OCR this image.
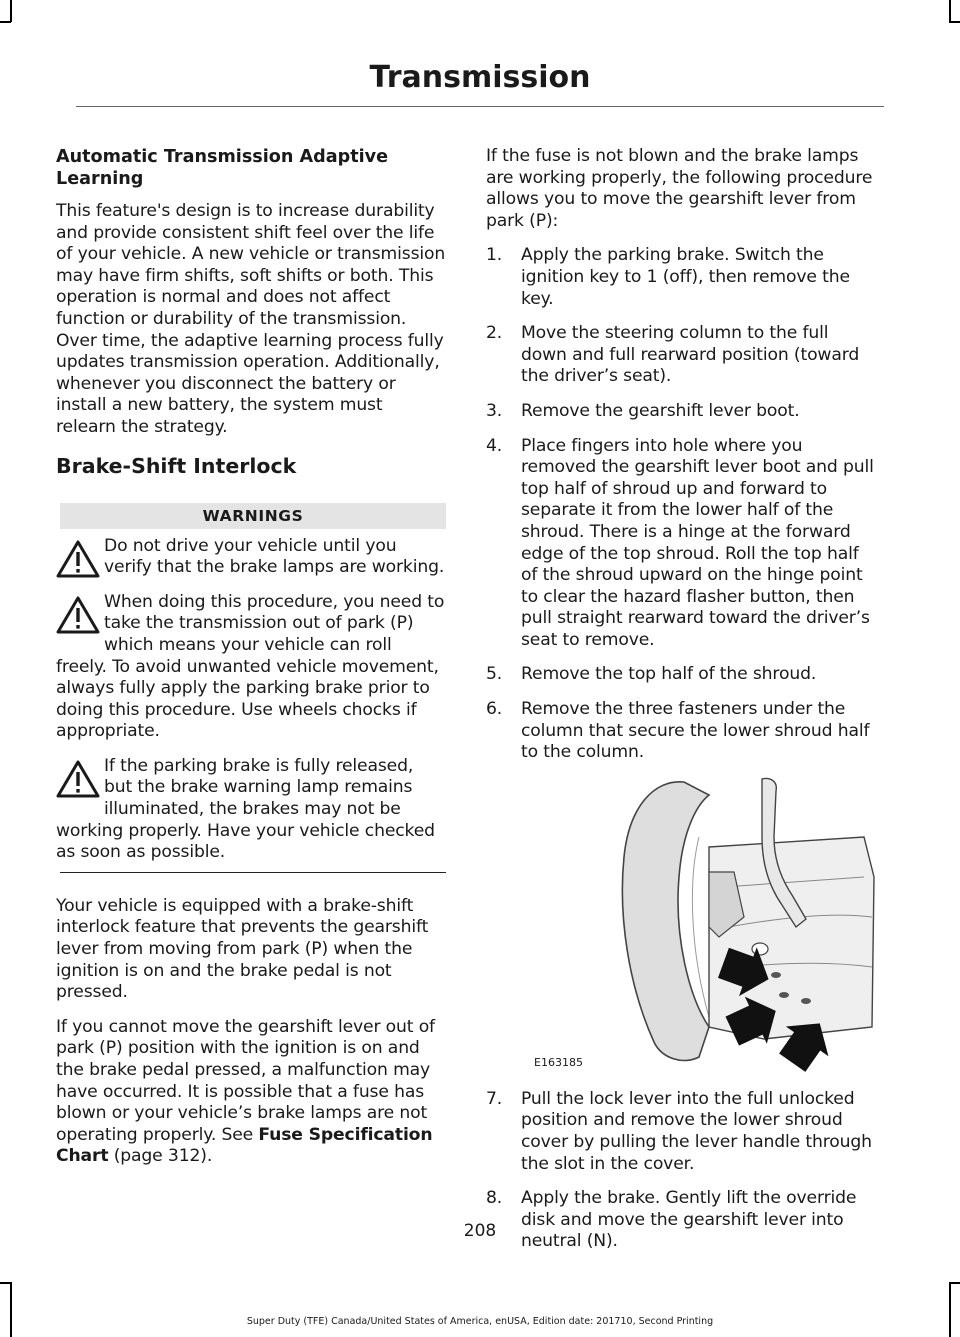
Transmission
Automatic Transmission Adaptive Learning

This feature's design is to increase durability and provide consistent shift feel over the life of your vehicle. A new vehicle or transmission may have firm shifts, soft shifts or both. This operation is normal and does not affect function or durability of the transmission. Over time, the adaptive learning process fully updates transmission operation. Additionally, whenever you disconnect the battery or install a new battery, the system must relearn the strategy.

Brake-Shift Interlock
WARNINGS
Do not drive your vehicle until you verify that the brake lamps are working.
When doing this procedure, you need to take the transmission out of park (P) which means your vehicle can roll freely. To avoid unwanted vehicle movement, always fully apply the parking brake prior to doing this procedure. Use wheels chocks if appropriate.
If the parking brake is fully released, but the brake warning lamp remains illuminated, the brakes may not be working properly. Have your vehicle checked as soon as possible.

Your vehicle is equipped with a brake-shift interlock feature that prevents the gearshift lever from moving from park (P) when the ignition is on and the brake pedal is not pressed.

If you cannot move the gearshift lever out of park (P) position with the ignition is on and the brake pedal pressed, a malfunction may have occurred. It is possible that a fuse has blown or your vehicle’s brake lamps are not operating properly. See Fuse Specification Chart (page 312).

If the fuse is not blown and the brake lamps are working properly, the following procedure allows you to move the gearshift lever from park (P):

1. Apply the parking brake. Switch the ignition key to 1 (off), then remove the key.
2. Move the steering column to the full down and full rearward position (toward the driver’s seat).
3. Remove the gearshift lever boot.
4. Place fingers into hole where you removed the gearshift lever boot and pull top half of shroud up and forward to separate it from the lower half of the shroud. There is a hinge at the forward edge of the top shroud. Roll the top half of the shroud upward on the hinge point to clear the hazard flasher button, then pull straight rearward toward the driver’s seat to remove.
5. Remove the top half of the shroud.
6. Remove the three fasteners under the column that secure the lower shroud half to the column.
E163185
7. Pull the lock lever into the full unlocked position and remove the lower shroud cover by pulling the lever handle through the slot in the cover.
8. Apply the brake. Gently lift the override disk and move the gearshift lever into neutral (N).
208
Super Duty (TFE) Canada/United States of America, enUSA, Edition date: 201710, Second Printing
